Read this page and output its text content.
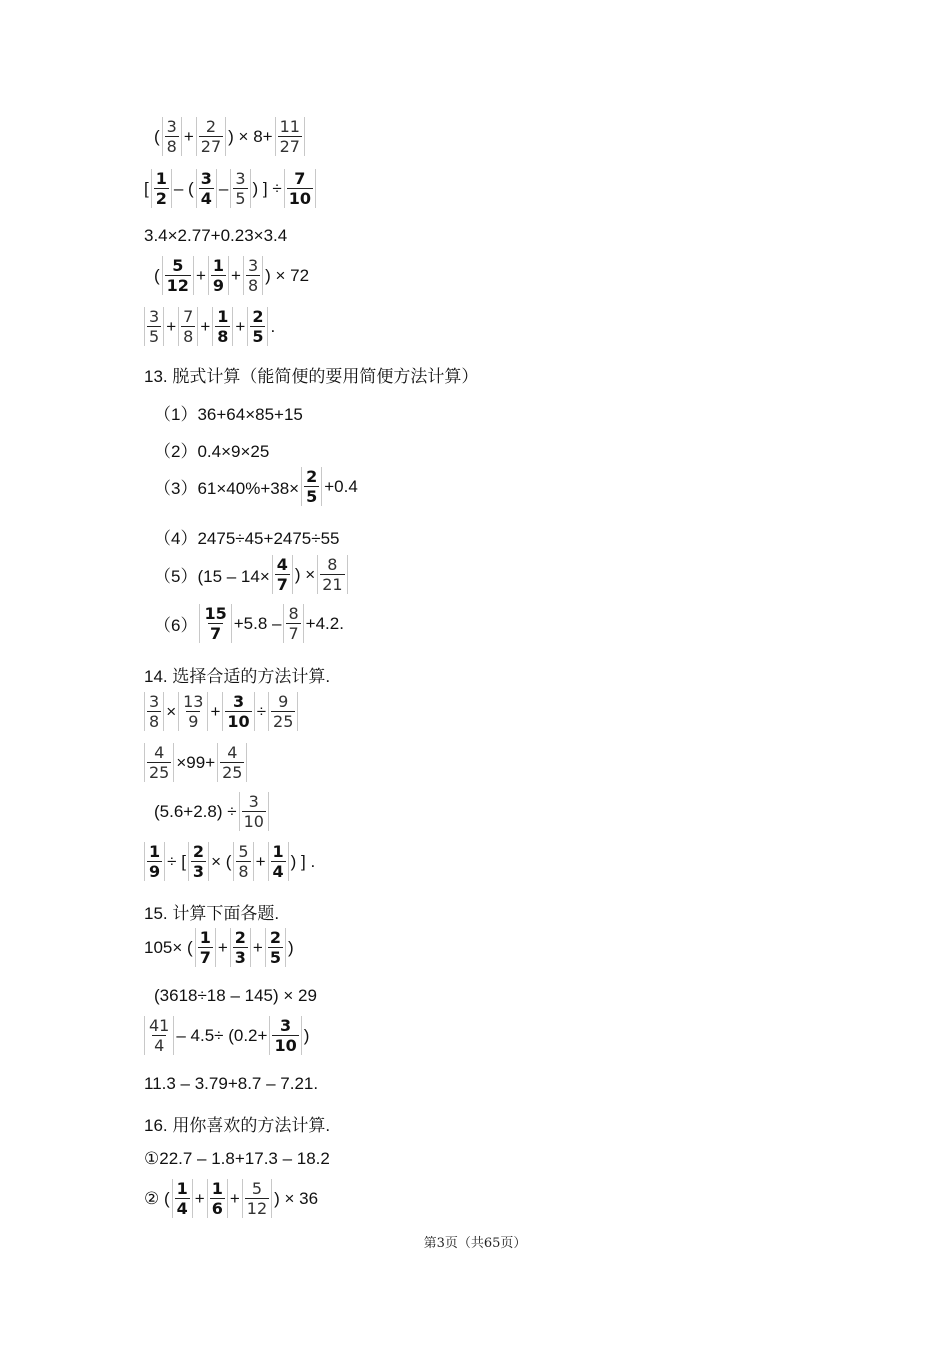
( $\frac{3}{8} + \frac{2}{27}$ ) × $8+ \frac{11}{27}$
[ $\frac{1}{2}$ – ( $\frac{3}{4} - \frac{3}{5}$ ) ] ÷ $\frac{7}{10}$
3.4×2.77+0.23×3.4
( $\frac{5}{12} + \frac{1}{9} + \frac{3}{8}$ ) × 72
$\frac{3}{5} + \frac{7}{8} + \frac{1}{8} + \frac{2}{5}$ .
13. 脱式计算（能简便的要用简便方法计算）
（1）36+64×85+15
（2）0.4×9×25
$(3)61\times 40\%+38\times \frac{2}{5} +0.4$
（4）2475÷45+2475÷55
$(5)(15 - 14\times \frac{4}{7}$ ) × $\frac{8}{21}$
$(6) \frac{15}{7} +5.8 - \frac{8}{7} +4.2$.
14. 选择合适的方法计算.
$\frac{3}{8} \times \frac{13}{9} + \frac{3}{10} \div \frac{9}{25}$
$\frac{4}{25} \times 99+ \frac{4}{25}$
$(5.6+2.8) \div \frac{3}{10}$
$\frac{1}{9}$ ÷ [ $\frac{2}{3}$ × ( $\frac{5}{8} + \frac{1}{4}$ ) ] .
15. 计算下面各题.
105× ( $\frac{1}{7} + \frac{2}{3} + \frac{2}{5}$ )
(3618÷18 – 145) × 29
$\frac{41}{4} - 4.5\div (0.2+ \frac{3}{10}$ )
11.3 – 3.79+8.7 – 7.21.
16. 用你喜欢的方法计算.
①22.7 – 1.8+17.3 – 18.2
② ( $\frac{1}{4} + \frac{1}{6} + \frac{5}{12}$ ) × 36
第3页（共65页）
